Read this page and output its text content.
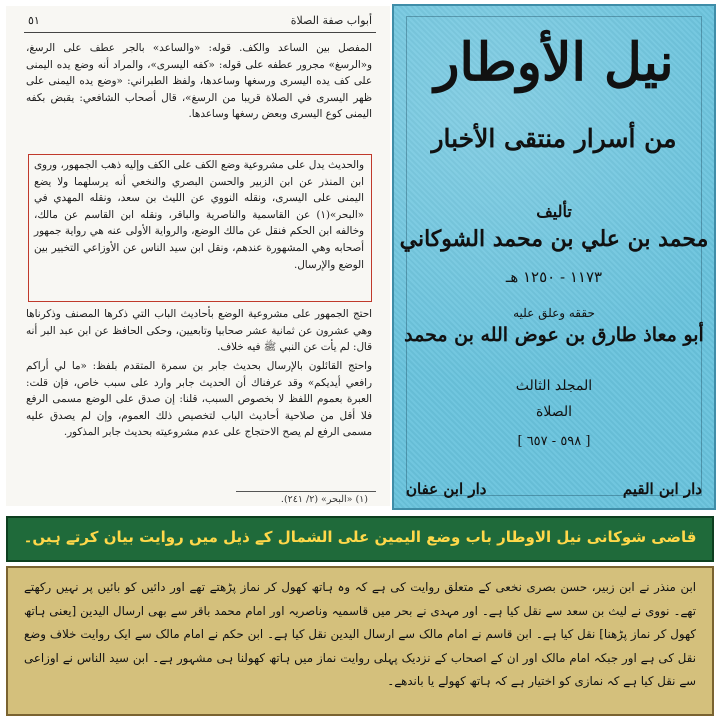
٥١	أبواب صفة الصلاة
المفصل بين الساعد والكف. قوله: «والساعد» بالجر عطف على الرسغ، و«الرسغ» مجرور عطفه على قوله: «كفه اليسرى»، والمراد أنه وضع يده اليمنى على كف يده اليسرى ورسغها وساعدها، ولفظ الطبراني: «وضع يده اليمنى على ظهر اليسرى في الصلاة قريبا من الرسغ»، قال أصحاب الشافعي: يقبض بكفه اليمنى كوع اليسرى وبعض رسغها وساعدها.
والحديث يدل على مشروعية وضع الكف على الكف وإليه ذهب الجمهور، وروى ابن المنذر عن ابن الزبير والحسن البصري والنخعي أنه يرسلهما ولا يضع اليمنى على اليسرى، ونقله النووي عن الليث بن سعد، ونقله المهدي في «البحر»(١) عن القاسمية والناصرية والباقر، ونقله ابن القاسم عن مالك، وخالفه ابن الحكم فنقل عن مالك الوضع، والرواية الأولى عنه هي رواية جمهور أصحابه وهي المشهورة عندهم، ونقل ابن سيد الناس عن الأوزاعي التخيير بين الوضع والإرسال.
احتج الجمهور على مشروعية الوضع بأحاديث الباب التي ذكرها المصنف وذكرناها وهي عشرون عن ثمانية عشر صحابيا وتابعيين، وحكى الحافظ عن ابن عبد البر أنه قال: لم يأت عن النبي ﷺ فيه خلاف.
واحتج القائلون بالإرسال بحديث جابر بن سمرة المتقدم بلفظ: «ما لي أراكم رافعي أيديكم» وقد عرفناك أن الحديث جابر وارد على سبب خاص، فإن قلت: العبرة بعموم اللفظ لا بخصوص السبب، قلنا: إن صدق على الوضع مسمى الرفع فلا أقل من صلاحية أحاديث الباب لتخصيص ذلك العموم، وإن لم يصدق عليه مسمى الرفع لم يصح الاحتجاج على عدم مشروعيته بحديث جابر المذكور.
(١) «البحر» (٢/ ٢٤١).
نيل الأوطار
من أسرار منتقى الأخبار
تأليف
محمد بن علي بن محمد الشوكاني
١١٧٣ - ١٢٥٠ هـ
حققه وعلق عليه
أبو معاذ طارق بن عوض الله بن محمد
المجلد الثالث
الصلاة
[ ٥٩٨ - ٦٥٧ ]
دار ابن عفان	دار ابن القيم
قاضی شوکانی نیل الاوطار باب وضع الیمین علی الشمال کے ذیل میں روایت بیان کرتے ہیں۔
ابن منذر نے ابن زبیر، حسن بصری نخعی کے متعلق روایت کی ہے کہ وہ ہاتھ کھول کر نماز پڑھتے تھے اور دائیں کو بائیں پر نہیں رکھتے تھے۔ نووی نے لیث بن سعد سے نقل کیا ہے۔ اور مہدی نے بحر میں قاسمیہ وناصریہ اور امام محمد باقر سے بھی ارسال الیدین [یعنی ہاتھ کھول کر نماز پڑھنا] نقل کیا ہے۔ ابن قاسم نے امام مالک سے ارسال الیدین نقل کیا ہے۔ ابن حکم نے امام مالک سے ایک روایت خلاف وضع نقل کی ہے اور جبکہ امام مالک اور ان کے اصحاب کے نزدیک پہلی روایت نماز میں ہاتھ کھولنا ہی مشہور ہے۔ ابن سید الناس نے اوزاعی سے نقل کیا ہے کہ نمازی کو اختیار ہے کہ ہاتھ کھولے یا باندھے۔
